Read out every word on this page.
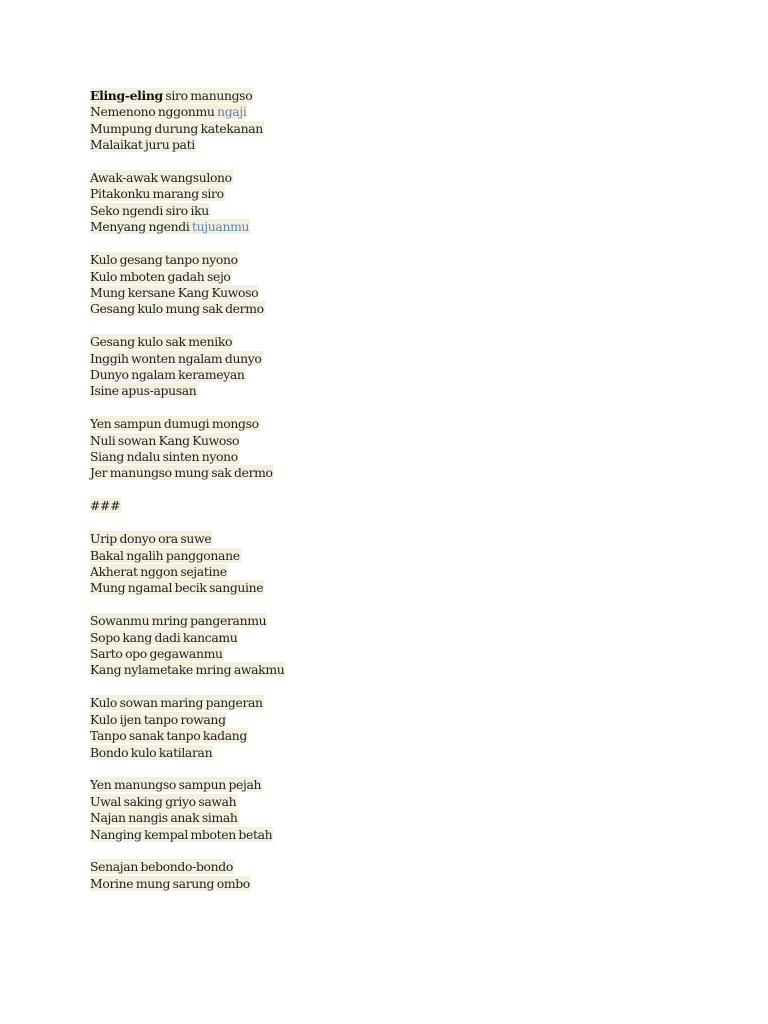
Eling-eling siro manungso
Nemenono nggonmu ngaji
Mumpung durung katekanan
Malaikat juru pati
Awak-awak wangsulono
Pitakonku marang siro
Seko ngendi siro iku
Menyang ngendi tujuanmu
Kulo gesang tanpo nyono
Kulo mboten gadah sejo
Mung kersane Kang Kuwoso
Gesang kulo mung sak dermo
Gesang kulo sak meniko
Inggih wonten ngalam dunyo
Dunyo ngalam kerameyan
Isine apus-apusan
Yen sampun dumugi mongso
Nuli sowan Kang Kuwoso
Siang ndalu sinten nyono
Jer manungso mung sak dermo
###
Urip donyo ora suwe
Bakal ngalih panggonane
Akherat nggon sejatine
Mung ngamal becik sanguine
Sowanmu mring pangeranmu
Sopo kang dadi kancamu
Sarto opo gegawanmu
Kang nylametake mring awakmu
Kulo sowan maring pangeran
Kulo ijen tanpo rowang
Tanpo sanak tanpo kadang
Bondo kulo katilaran
Yen manungso sampun pejah
Uwal saking griyo sawah
Najan nangis anak simah
Nanging kempal mboten betah
Senajan bebondo-bondo
Morine mung sarung ombo
